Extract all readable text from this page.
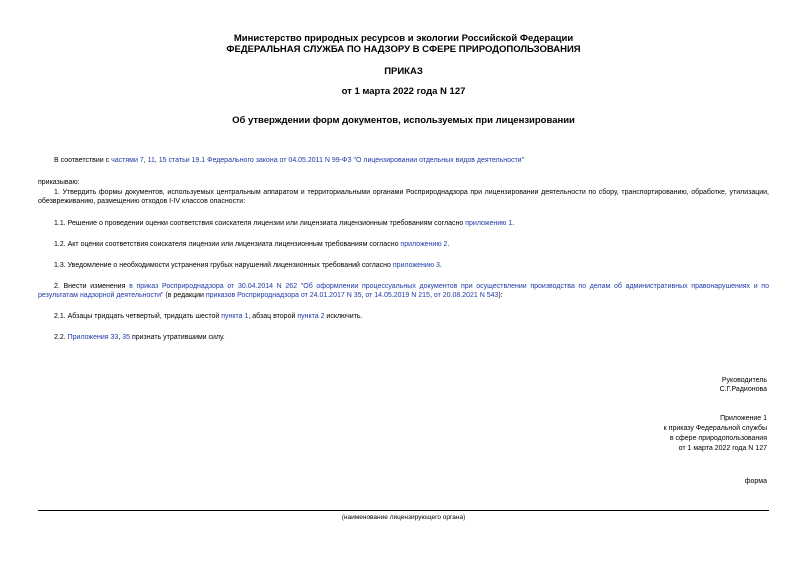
Министерство природных ресурсов и экологии Российской Федерации
ФЕДЕРАЛЬНАЯ СЛУЖБА ПО НАДЗОРУ В СФЕРЕ ПРИРОДОПОЛЬЗОВАНИЯ
ПРИКАЗ
от 1 марта 2022 года N 127
Об утверждении форм документов, используемых при лицензировании
В соответствии с частями 7, 11, 15 статьи 19.1 Федерального закона от 04.05.2011 N 99-ФЗ "О лицензировании отдельных видов деятельности"
приказываю:
1. Утвердить формы документов, используемых центральным аппаратом и территориальными органами Росприроднадзора при лицензировании деятельности по сбору, транспортированию, обработке, утилизации, обезвреживанию, размещению отходов I-IV классов опасности:
1.1. Решение о проведении оценки соответствия соискателя лицензии или лицензиата лицензионным требованиям согласно приложению 1.
1.2. Акт оценки соответствия соискателя лицензии или лицензиата лицензионным требованиям согласно приложению 2.
1.3. Уведомление о необходимости устранения грубых нарушений лицензионных требований согласно приложению 3.
2. Внести изменения в приказ Росприроднадзора от 30.04.2014 N 262 "Об оформлении процессуальных документов при осуществлении производства по делам об административных правонарушениях и по результатам надзорной деятельности" (в редакции приказов Росприроднадзора от 24.01.2017 N 35, от 14.05.2019 N 215, от 20.08.2021 N 543):
2.1. Абзацы тридцать четвертый, тридцать шестой пункта 1, абзац второй пункта 2 исключить.
2.2. Приложения 33, 35 признать утратившими силу.
Руководитель
С.Г.Радионова
Приложение 1
к приказу Федеральной службы
в сфере природопользования
от 1 марта 2022 года N 127
форма
(наименование лицензирующего органа)
